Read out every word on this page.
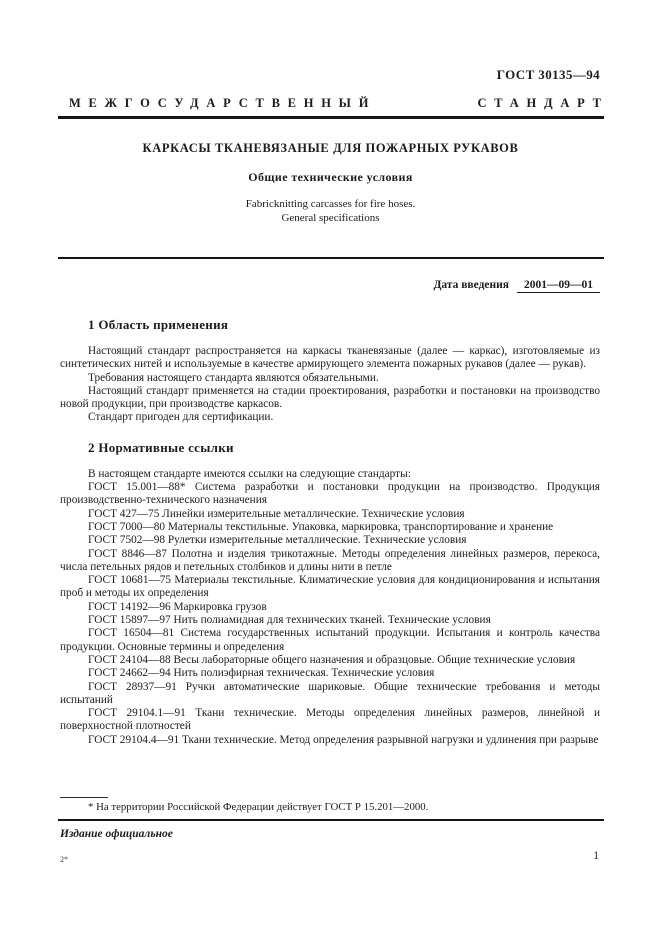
ГОСТ 30135—94
МЕЖГОСУДАРСТВЕННЫЙ	СТАНДАРТ
КАРКАСЫ ТКАНЕВЯЗАНЫЕ ДЛЯ ПОЖАРНЫХ РУКАВОВ
Общие технические условия
Fabricknitting carcasses for fire hoses.
General specifications
Дата введения 2001—09—01
1 Область применения

Настоящий стандарт распространяется на каркасы тканевязаные (далее — каркас), изготовляемые из синтетических нитей и используемые в качестве армирующего элемента пожарных рукавов (далее — рукав).

Требования настоящего стандарта являются обязательными.

Настоящий стандарт применяется на стадии проектирования, разработки и постановки на производство новой продукции, при производстве каркасов.

Стандарт пригоден для сертификации.

2 Нормативные ссылки

В настоящем стандарте имеются ссылки на следующие стандарты:

ГОСТ 15.001—88* Система разработки и постановки продукции на производство. Продукция производственно-технического назначения

ГОСТ 427—75 Линейки измерительные металлические. Технические условия

ГОСТ 7000—80 Материалы текстильные. Упаковка, маркировка, транспортирование и хранение

ГОСТ 7502—98 Рулетки измерительные металлические. Технические условия

ГОСТ 8846—87 Полотна и изделия трикотажные. Методы определения линейных размеров, перекоса, числа петельных рядов и петельных столбиков и длины нити в петле

ГОСТ 10681—75 Материалы текстильные. Климатические условия для кондиционирования и испытания проб и методы их определения

ГОСТ 14192—96 Маркировка грузов

ГОСТ 15897—97 Нить полиамидная для технических тканей. Технические условия

ГОСТ 16504—81 Система государственных испытаний продукции. Испытания и контроль качества продукции. Основные термины и определения

ГОСТ 24104—88 Весы лабораторные общего назначения и образцовые. Общие технические условия

ГОСТ 24662—94 Нить полиэфирная техническая. Технические условия

ГОСТ 28937—91 Ручки автоматические шариковые. Общие технические требования и методы испытаний

ГОСТ 29104.1—91 Ткани технические. Методы определения линейных размеров, линейной и поверхностной плотностей

ГОСТ 29104.4—91 Ткани технические. Метод определения разрывной нагрузки и удлинения при разрыве

* На территории Российской Федерации действует ГОСТ Р 15.201—2000.

Издание официальное
2*	1
